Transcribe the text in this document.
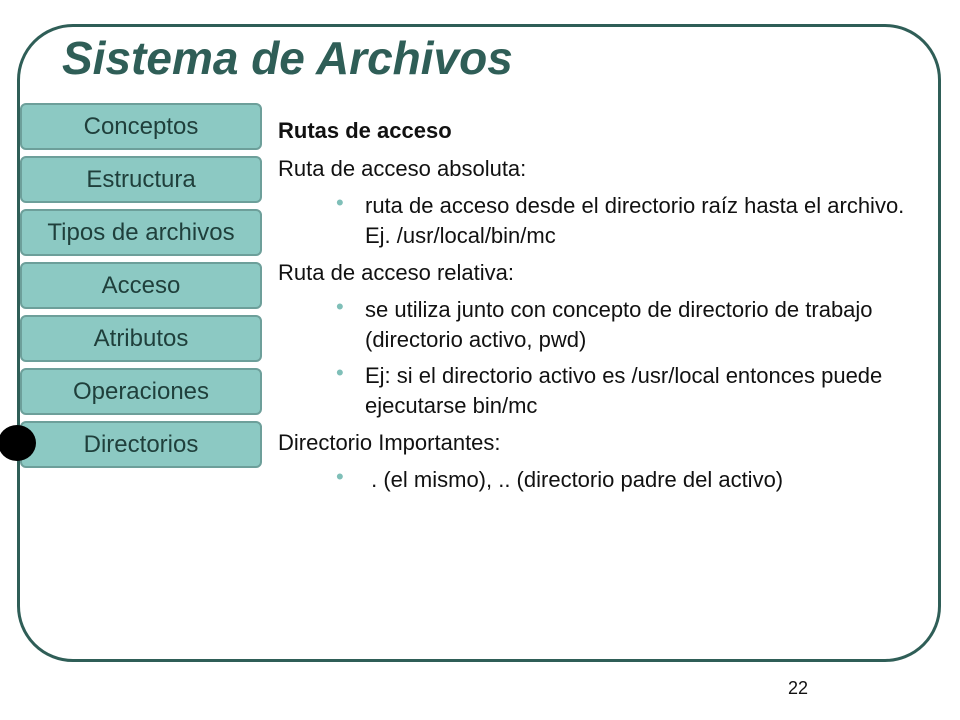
Sistema de Archivos
Conceptos
Estructura
Tipos de archivos
Acceso
Atributos
Operaciones
Directorios
Rutas de acceso
Ruta de acceso absoluta:
• ruta de acceso desde el directorio raíz hasta el archivo. Ej. /usr/local/bin/mc
Ruta de acceso relativa:
• se utiliza junto con concepto de directorio de trabajo (directorio activo, pwd)
• Ej: si el directorio activo es /usr/local entonces puede ejecutarse bin/mc
Directorio Importantes:
• . (el mismo), .. (directorio padre del activo)
22
